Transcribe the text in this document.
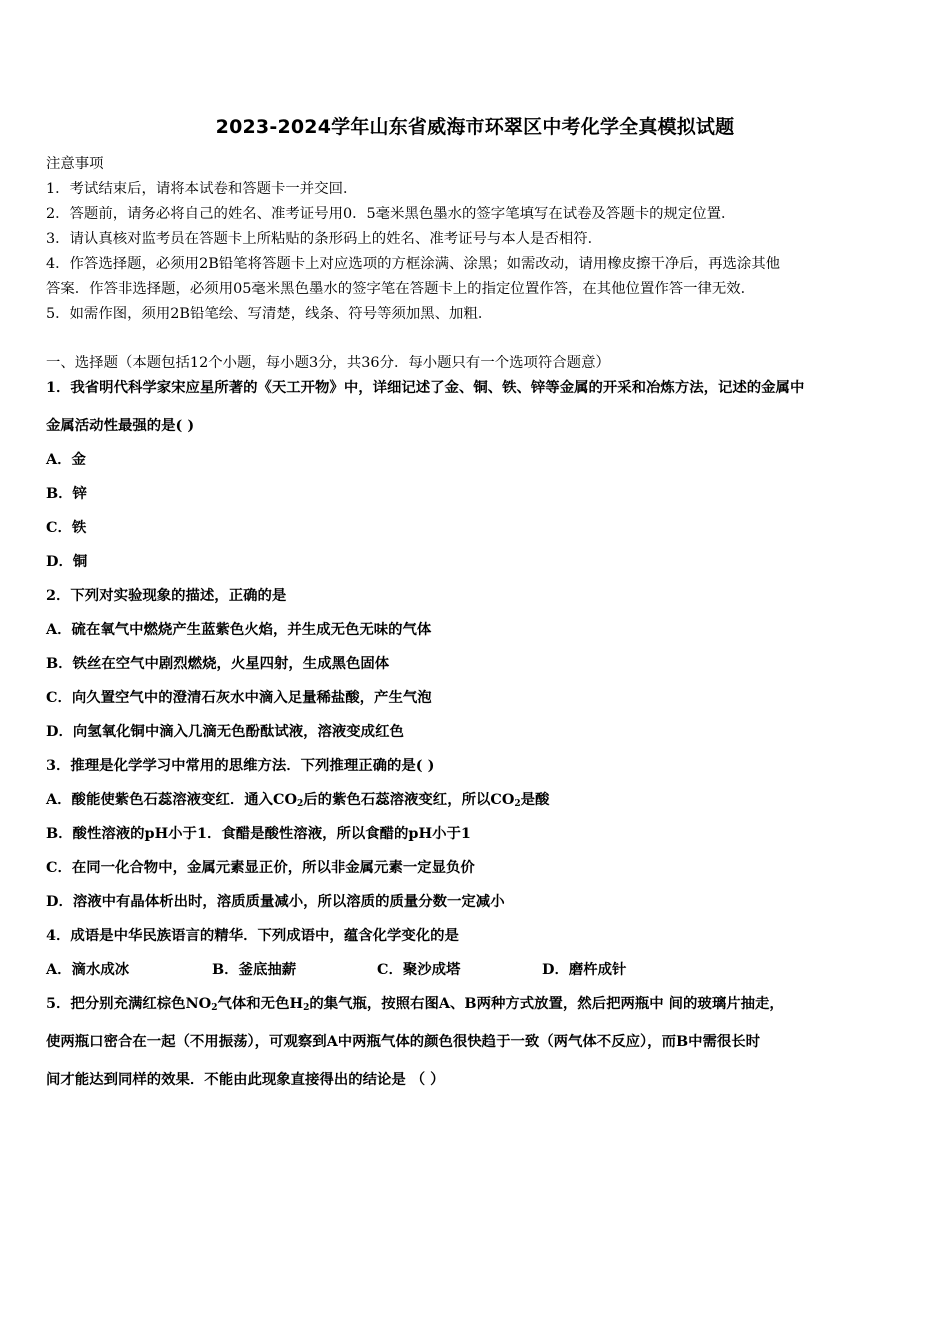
2023-2024学年山东省威海市环翠区中考化学全真模拟试题
注意事项
1．考试结束后，请将本试卷和答题卡一并交回．
2．答题前，请务必将自己的姓名、准考证号用0．5毫米黑色墨水的签字笔填写在试卷及答题卡的规定位置．
3．请认真核对监考员在答题卡上所粘贴的条形码上的姓名、准考证号与本人是否相符．
4．作答选择题，必须用2B铅笔将答题卡上对应选项的方框涂满、涂黑；如需改动，请用橡皮擦干净后，再选涂其他
答案．作答非选择题，必须用05毫米黑色墨水的签字笔在答题卡上的指定位置作答，在其他位置作答一律无效．
5．如需作图，须用2B铅笔绘、写清楚，线条、符号等须加黑、加粗．
一、选择题（本题包括12个小题，每小题3分，共36分．每小题只有一个选项符合题意）
1．我省明代科学家宋应星所著的《天工开物》中，详细记述了金、铜、铁、锌等金属的开采和冶炼方法，记述的金属中
金属活动性最强的是( )
A．金
B．锌
C．铁
D．铜
2．下列对实验现象的描述，正确的是
A．硫在氧气中燃烧产生蓝紫色火焰，并生成无色无味的气体
B．铁丝在空气中剧烈燃烧，火星四射，生成黑色固体
C．向久置空气中的澄清石灰水中滴入足量稀盐酸，产生气泡
D．向氢氧化铜中滴入几滴无色酚酞试液，溶液变成红色
3．推理是化学学习中常用的思维方法．下列推理正确的是( )
A．酸能使紫色石蕊溶液变红．通入$CO_2$后的紫色石蕊溶液变红，所以$CO_2$是酸
B．酸性溶液的pH小于1．食醋是酸性溶液，所以食醋的pH小于1
C．在同一化合物中，金属元素显正价，所以非金属元素一定显负价
D．溶液中有晶体析出时，溶质质量减小，所以溶质的质量分数一定减小
4．成语是中华民族语言的精华．下列成语中，蕴含化学变化的是
A．滴水成冰	B．釜底抽薪	C．聚沙成塔	D．磨杵成针
5．把分别充满红棕色$NO_2$气体和无色$H_2$的集气瓶，按照右图A、B两种方式放置，然后把两瓶中 间的玻璃片抽走，
使两瓶口密合在一起（不用振荡），可观察到A中两瓶气体的颜色很快趋于一致（两气体不反应），而B中需很长时
间才能达到同样的效果．不能由此现象直接得出的结论是 （ ）
